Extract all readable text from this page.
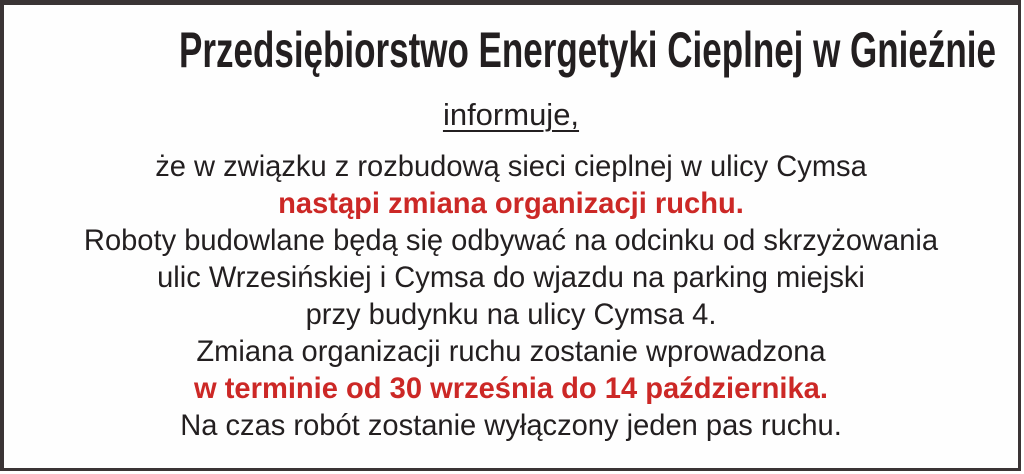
Przedsiębiorstwo Energetyki Cieplnej w Gnieźnie
informuje,
że w związku z rozbudową sieci cieplnej w ulicy Cymsa
nastąpi zmiana organizacji ruchu.
Roboty budowlane będą się odbywać na odcinku od skrzyżowania
ulic Wrzesińskiej i Cymsa do wjazdu na parking miejski
przy budynku na ulicy Cymsa 4.
Zmiana organizacji ruchu zostanie wprowadzona
w terminie od 30 września do 14 października.
Na czas robót zostanie wyłączony jeden pas ruchu.
